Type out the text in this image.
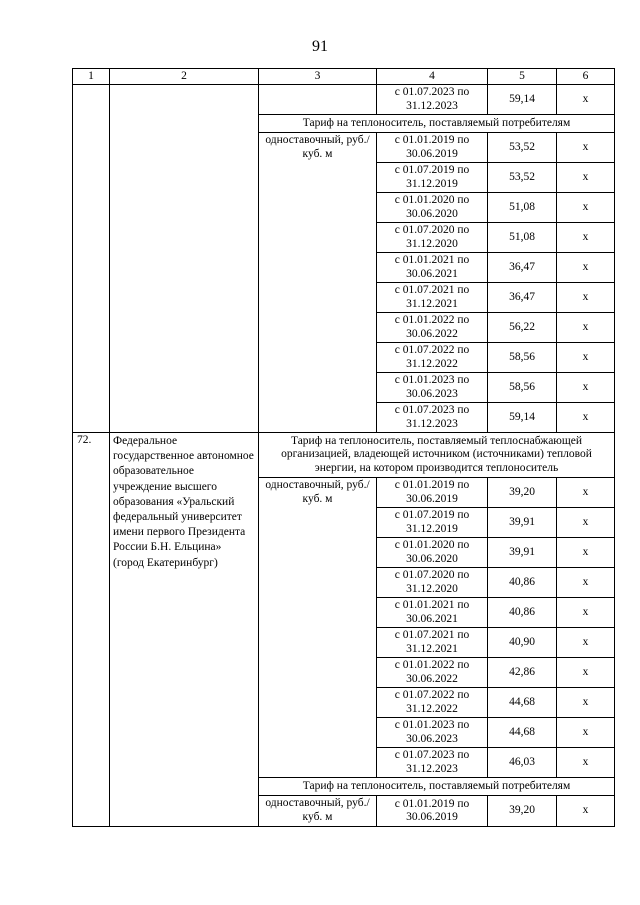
91
1	2	3	4	5	6
			с 01.07.2023 по 31.12.2023	59,14	х
		Тариф на теплоноситель, поставляемый потребителям			
		одноставочный, руб./куб. м	с 01.01.2019 по 30.06.2019	53,52	х
			с 01.07.2019 по 31.12.2019	53,52	х
			с 01.01.2020 по 30.06.2020	51,08	х
			с 01.07.2020 по 31.12.2020	51,08	х
			с 01.01.2021 по 30.06.2021	36,47	х
			с 01.07.2021 по 31.12.2021	36,47	х
			с 01.01.2022 по 30.06.2022	56,22	х
			с 01.07.2022 по 31.12.2022	58,56	х
			с 01.01.2023 по 30.06.2023	58,56	х
			с 01.07.2023 по 31.12.2023	59,14	х
72.	Федеральное государственное автономное образовательное учреждение высшего образования «Уральский федеральный университет имени первого Президента России Б.Н. Ельцина» (город Екатеринбург)	Тариф на теплоноситель, поставляемый теплоснабжающей организацией, владеющей источником (источниками) тепловой энергии, на котором производится теплоноситель			
		одноставочный, руб./куб. м	с 01.01.2019 по 30.06.2019	39,20	х
			с 01.07.2019 по 31.12.2019	39,91	х
			с 01.01.2020 по 30.06.2020	39,91	х
			с 01.07.2020 по 31.12.2020	40,86	х
			с 01.01.2021 по 30.06.2021	40,86	х
			с 01.07.2021 по 31.12.2021	40,90	х
			с 01.01.2022 по 30.06.2022	42,86	х
			с 01.07.2022 по 31.12.2022	44,68	х
			с 01.01.2023 по 30.06.2023	44,68	х
			с 01.07.2023 по 31.12.2023	46,03	х
		Тариф на теплоноситель, поставляемый потребителям			
		одноставочный, руб./куб. м	с 01.01.2019 по 30.06.2019	39,20	х
